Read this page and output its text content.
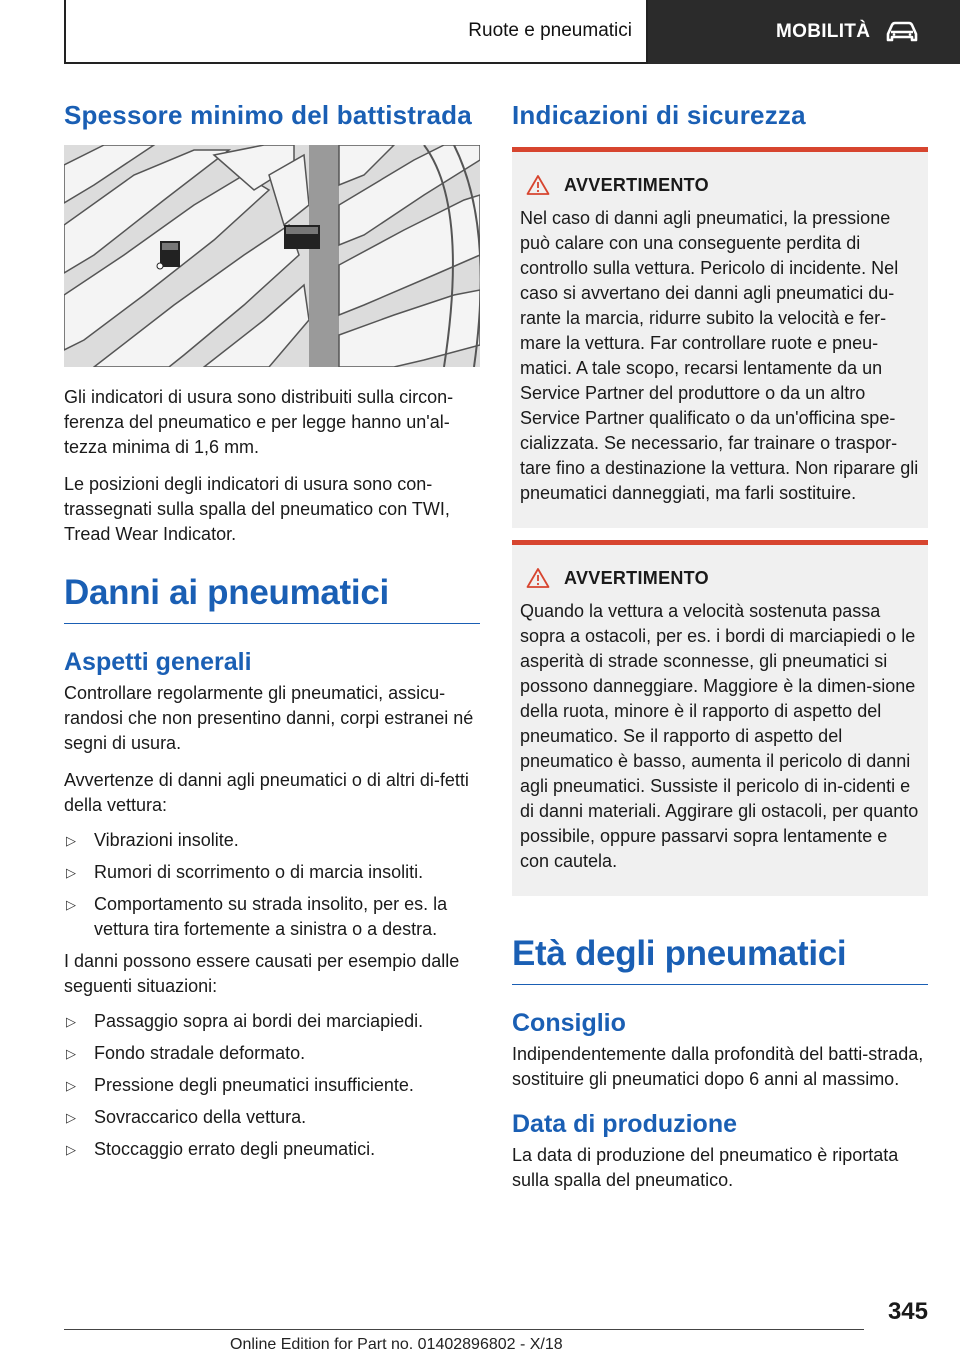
Ruote e pneumatici	MOBILITÀ
Spessore minimo del battistrada

Gli indicatori di usura sono distribuiti sulla circon-ferenza del pneumatico e per legge hanno un'al-tezza minima di 1,6 mm.

Le posizioni degli indicatori di usura sono con-trassegnati sulla spalla del pneumatico con TWI, Tread Wear Indicator.

Danni ai pneumatici
Aspetti generali

Controllare regolarmente gli pneumatici, assicu-randosi che non presentino danni, corpi estranei né segni di usura.

Avvertenze di danni agli pneumatici o di altri di-fetti della vettura:

▷ Vibrazioni insolite.
▷ Rumori di scorrimento o di marcia insoliti.
▷ Comportamento su strada insolito, per es. la vettura tira fortemente a sinistra o a destra.

I danni possono essere causati per esempio dalle seguenti situazioni:

▷ Passaggio sopra ai bordi dei marciapiedi.
▷ Fondo stradale deformato.
▷ Pressione degli pneumatici insufficiente.
▷ Sovraccarico della vettura.
▷ Stoccaggio errato degli pneumatici.
Indicazioni di sicurezza
AVVERTIMENTO

Nel caso di danni agli pneumatici, la pressione può calare con una conseguente perdita di controllo sulla vettura. Pericolo di incidente. Nel caso si avvertano dei danni agli pneumatici du-rante la marcia, ridurre subito la velocità e fer-mare la vettura. Far controllare ruote e pneu-matici. A tale scopo, recarsi lentamente da un Service Partner del produttore o da un altro Service Partner qualificato o da un'officina spe-cializzata. Se necessario, far trainare o traspor-tare fino a destinazione la vettura. Non riparare gli pneumatici danneggiati, ma farli sostituire.

AVVERTIMENTO

Quando la vettura a velocità sostenuta passa sopra a ostacoli, per es. i bordi di marciapiedi o le asperità di strade sconnesse, gli pneumatici si possono danneggiare. Maggiore è la dimen-sione della ruota, minore è il rapporto di aspetto del pneumatico. Se il rapporto di aspetto del pneumatico è basso, aumenta il pericolo di danni agli pneumatici. Sussiste il pericolo di in-cidenti e di danni materiali. Aggirare gli ostacoli, per quanto possibile, oppure passarvi sopra lentamente e con cautela.

Età degli pneumatici
Consiglio

Indipendentemente dalla profondità del batti-strada, sostituire gli pneumatici dopo 6 anni al massimo.

Data di produzione

La data di produzione del pneumatico è riportata sulla spalla del pneumatico.

345
Online Edition for Part no. 01402896802 - X/18
